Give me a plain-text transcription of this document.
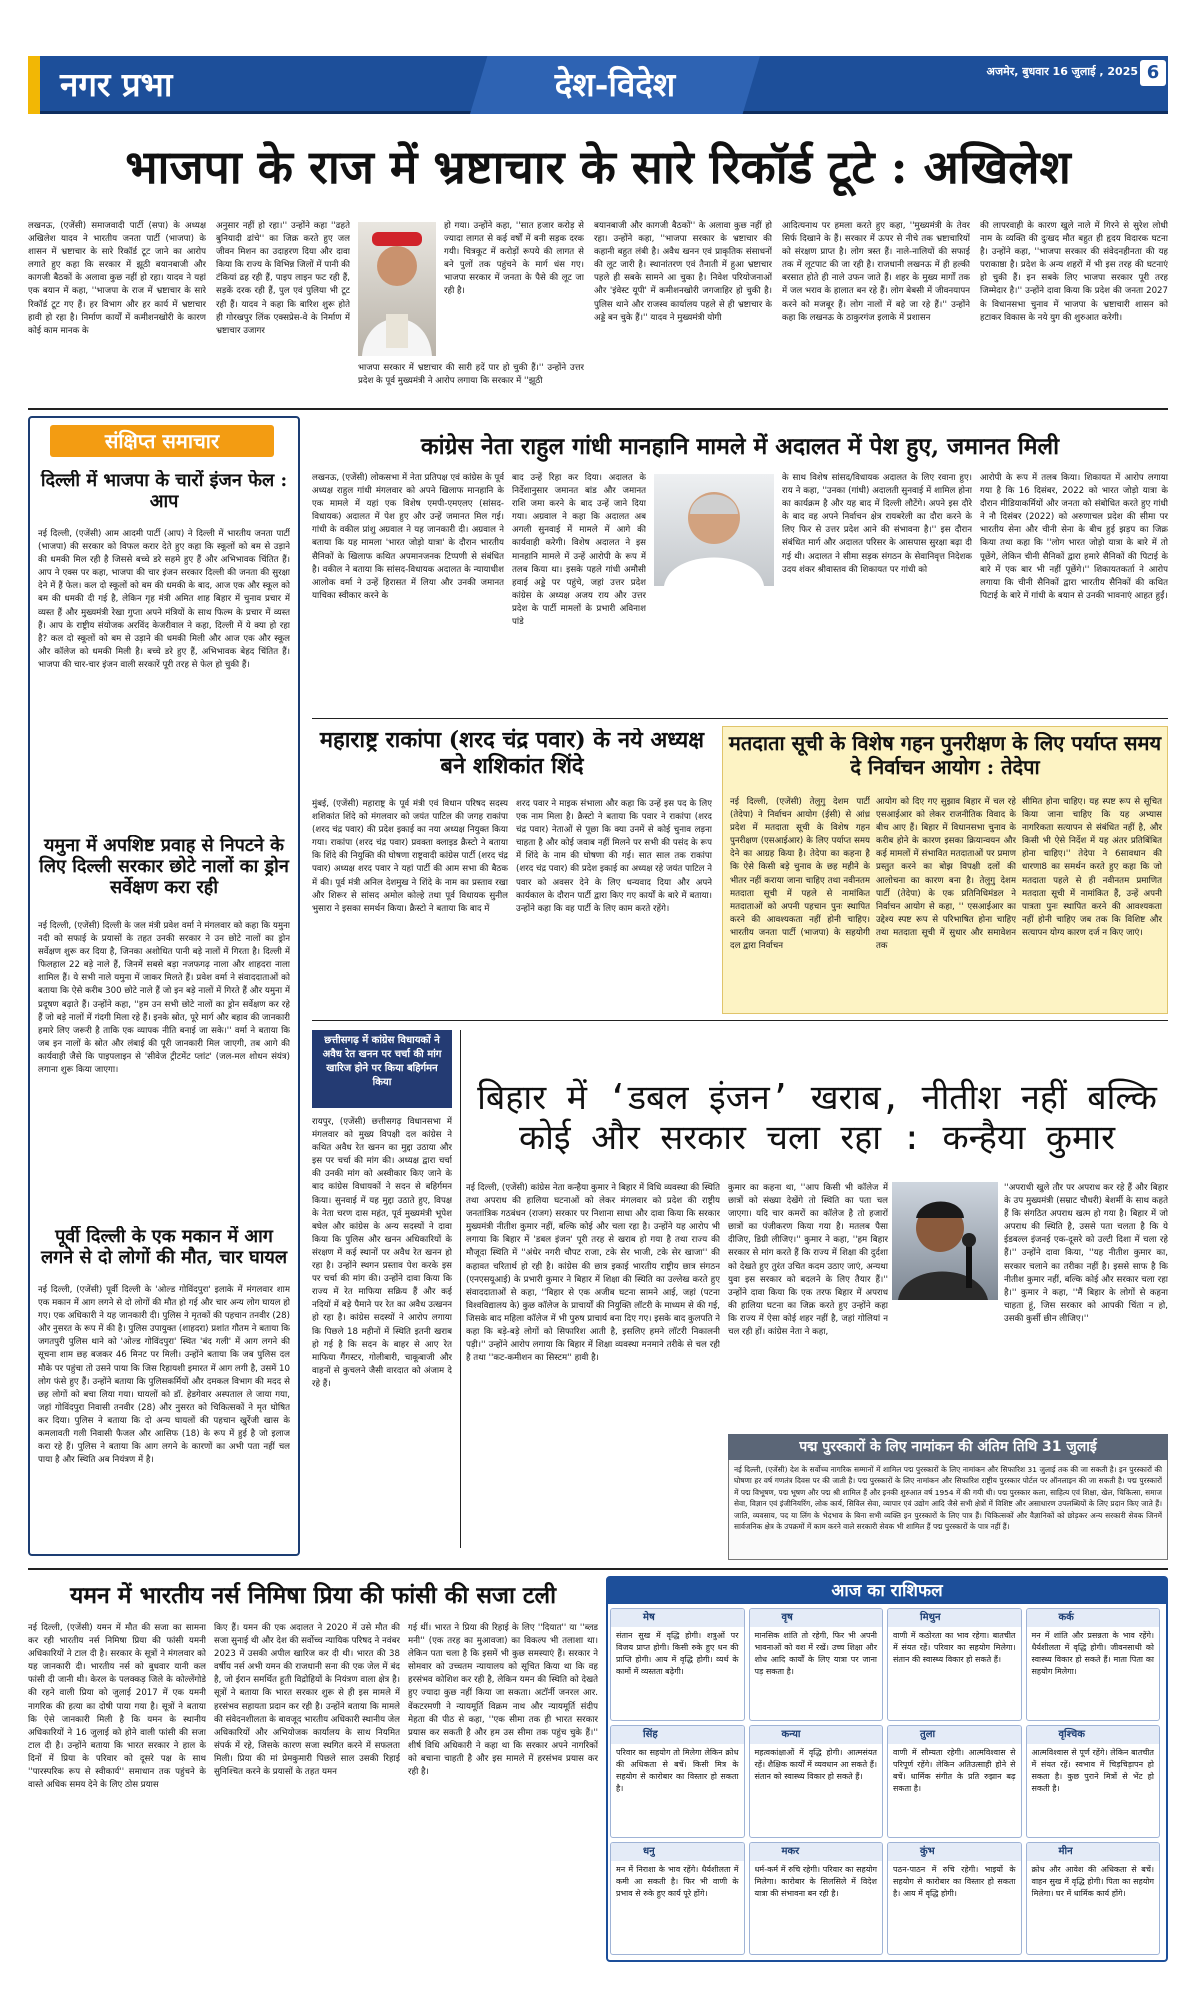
नगर प्रभा	देश-विदेश	अजमेर, बुधवार 16 जुलाई , 2025 6
भाजपा के राज में भ्रष्टाचार के सारे रिकॉर्ड टूटे : अखिलेश
लखनऊ, (एजेंसी) समाजवादी पार्टी (सपा) के अध्यक्ष अखिलेश यादव ने भारतीय जनता पार्टी (भाजपा) के शासन में भ्रष्टाचार के सारे रिकॉर्ड टूट जाने का आरोप लगाते हुए कहा कि सरकार में झूठी बयानबाजी और कागजी बैठकों के अलावा कुछ नहीं हो रहा। यादव ने यहां एक बयान में कहा, ''भाजपा के राज में भ्रष्टाचार के सारे रिकॉर्ड टूट गए हैं। हर विभाग और हर कार्य में भ्रष्टाचार हावी हो रहा है। निर्माण कार्यों में कमीशनखोरी के कारण कोई काम मानक के
अनुसार नहीं हो रहा।'' उन्होंने कहा ''ढहते बुनियादी ढांचे'' का जिक्र करते हुए जल जीवन मिशन का उदाहरण दिया और दावा किया कि राज्य के विभिन्न जिलों में पानी की टंकियां ढह रही हैं, पाइप लाइन फट रही हैं, सड़कें दरक रही हैं, पुल एवं पुलिया भी टूट रही हैं। यादव ने कहा कि बारिश शुरू होते ही गोरखपुर लिंक एक्सप्रेस-वे के निर्माण में भ्रष्टाचार उजागर
हो गया। उन्होंने कहा, ''सात हजार करोड़ से ज्यादा लागत से कई वर्षों में बनी सड़क दरक गयी। चित्रकूट में करोड़ों रूपये की लागत से बने पुलों तक पहुंचने के मार्ग धंस गए। भाजपा सरकार में जनता के पैसे की लूट जा रही है।
भाजपा सरकार में भ्रष्टाचार की सारी हदें पार हो चुकी हैं।'' उन्होंने उत्तर प्रदेश के पूर्व मुख्यमंत्री ने आरोप लगाया कि सरकार में ''झूठी
बयानबाजी और कागजी बैठकों'' के अलावा कुछ नहीं हो रहा। उन्होंने कहा, ''भाजपा सरकार के भ्रष्टाचार की कहानी बहुत लंबी है। अवैध खनन एवं प्राकृतिक संसाधनों की लूट जारी है। स्थानांतरण एवं तैनाती में हुआ भ्रष्टाचार पहले ही सबके सामने आ चुका है। निवेश परियोजनाओं और 'इंवेस्ट यूपी' में कमीशनखोरी जगजाहिर हो चुकी है। पुलिस थाने और राजस्व कार्यालय पहले से ही भ्रष्टाचार के अड्डे बन चुके हैं।'' यादव ने मुख्यमंत्री योगी
आदित्यनाथ पर हमला करते हुए कहा, ''मुख्यमंत्री के तेवर सिर्फ दिखाने के हैं। सरकार में ऊपर से नीचे तक भ्रष्टाचारियों को संरक्षण प्राप्त है। लोग त्रस्त हैं। नाले-नालियों की सफाई तक में लूटपाट की जा रही है। राजधानी लखनऊ में ही हल्की बरसात होते ही नाले उफन जाते हैं। शहर के मुख्य मार्गों तक में जल भराव के हालात बन रहे हैं। लोग बेबसी में जीवनयापन करने को मजबूर हैं। लोग नालों में बहे जा रहे हैं।'' उन्होंने कहा कि लखनऊ के ठाकुरगंज इलाके में प्रशासन
की लापरवाही के कारण खुले नाले में गिरने से सुरेश लोधी नाम के व्यक्ति की दुःखद मौत बहुत ही हृदय विदारक घटना है। उन्होंने कहा, ''भाजपा सरकार की संवेदनहीनता की यह पराकाष्ठा है। प्रदेश के अन्य शहरों में भी इस तरह की घटनाएं हो चुकी हैं। इन सबके लिए भाजपा सरकार पूरी तरह जिम्मेदार है।'' उन्होंने दावा किया कि प्रदेश की जनता 2027 के विधानसभा चुनाव में भाजपा के भ्रष्टाचारी शासन को हटाकर विकास के नये युग की शुरुआत करेगी।
संक्षिप्त समाचार
दिल्ली में भाजपा के चारों इंजन फेल : आप
नई दिल्ली, (एजेंसी) आम आदमी पार्टी (आप) ने दिल्ली में भारतीय जनता पार्टी (भाजपा) की सरकार को विफल करार देते हुए कहा कि स्कूलों को बम से उड़ाने की धमकी मिल रही है जिससे बच्चे डरे सहमे हुए हैं और अभिभावक चिंतित हैं। आप ने एक्स पर कहा, भाजपा की चार इंजन सरकार दिल्ली की जनता की सुरक्षा देने में हैं फेल। कल दो स्कूलों को बम की धमकी के बाद, आज एक और स्कूल को बम की धमकी दी गई है, लेकिन गृह मंत्री अमित शाह बिहार में चुनाव प्रचार में व्यस्त हैं और मुख्यमंत्री रेखा गुप्ता अपने मंत्रियों के साथ फिल्म के प्रचार में व्यस्त हैं। आप के राष्ट्रीय संयोजक अरविंद केजरीवाल ने कहा, दिल्ली में ये क्या हो रहा है? कल दो स्कूलों को बम से उड़ाने की धमकी मिली और आज एक और स्कूल और कॉलेज को धमकी मिली है। बच्चे डरे हुए हैं, अभिभावक बेहद चिंतित हैं। भाजपा की चार-चार इंजन वाली सरकारें पूरी तरह से फेल हो चुकी हैं।
यमुना में अपशिष्ट प्रवाह से निपटने के लिए दिल्ली सरकार छोटे नालों का ड्रोन सर्वेक्षण करा रही
नई दिल्ली, (एजेंसी) दिल्ली के जल मंत्री प्रवेश वर्मा ने मंगलवार को कहा कि यमुना नदी को सफाई के प्रयासों के तहत उनकी सरकार ने उन छोटे नालों का ड्रोन सर्वेक्षण शुरू कर दिया है, जिनका अशोधित पानी बड़े नालों में गिरता है। दिल्ली में फिलहाल 22 बड़े नाले हैं, जिनमें सबसे बड़ा नजफगढ़ नाला और शाहदरा नाला शामिल हैं। ये सभी नाले यमुना में जाकर मिलते हैं। प्रवेश वर्मा ने संवाददाताओं को बताया कि ऐसे करीब 300 छोटे नाले हैं जो इन बड़े नालों में गिरते हैं और यमुना में प्रदूषण बढ़ाते हैं। उन्होंने कहा, ''हम उन सभी छोटे नालों का ड्रोन सर्वेक्षण कर रहे हैं जो बड़े नालों में गंदगी मिला रहे हैं। इनके स्रोत, पूरे मार्ग और बहाव की जानकारी हमारे लिए जरूरी है ताकि एक व्यापक नीति बनाई जा सके।'' वर्मा ने बताया कि जब इन नालों के स्रोत और लंबाई की पूरी जानकारी मिल जाएगी, तब आगे की कार्यवाही जैसे कि पाइपलाइन से 'सीवेज ट्रीटमेंट प्लांट' (जल-मल शोधन संयंत्र) लगाना शुरू किया जाएगा।
पूर्वी दिल्ली के एक मकान में आग लगने से दो लोगों की मौत, चार घायल
नई दिल्ली, (एजेंसी) पूर्वी दिल्ली के 'ओल्ड गोविंदपुरा' इलाके में मंगलवार शाम एक मकान में आग लगने से दो लोगों की मौत हो गई और चार अन्य लोग घायल हो गए। एक अधिकारी ने यह जानकारी दी। पुलिस ने मृतकों की पहचान तनवीर (28) और नुसरत के रूप में की है। पुलिस उपायुक्त (शाहदरा) प्रशांत गौतम ने बताया कि जगतपुरी पुलिस थाने को 'ओल्ड गोविंदपुरा' स्थित 'बंद गली' में आग लगने की सूचना शाम छह बजकर 46 मिनट पर मिली। उन्होंने बताया कि जब पुलिस दल मौके पर पहुंचा तो उसने पाया कि जिस रिहायशी इमारत में आग लगी है, उसमें 10 लोग फंसे हुए हैं। उन्होंने बताया कि पुलिसकर्मियों और दमकल विभाग की मदद से छह लोगों को बचा लिया गया। घायलों को डॉ. हेडगेवार अस्पताल ले जाया गया, जहां गोविंदपुरा निवासी तनवीर (28) और नुसरत को चिकित्सकों ने मृत घोषित कर दिया। पुलिस ने बताया कि दो अन्य घायलों की पहचान खुर्रेजी खास के कमलावती गली निवासी फैजल और आसिफ (18) के रूप में हुई है जो इलाज करा रहे हैं। पुलिस ने बताया कि आग लगने के कारणों का अभी पता नहीं चल पाया है और स्थिति अब नियंत्रण में है।
कांग्रेस नेता राहुल गांधी मानहानि मामले में अदालत में पेश हुए, जमानत मिली
लखनऊ, (एजेंसी) लोकसभा में नेता प्रतिपक्ष एवं कांग्रेस के पूर्व अध्यक्ष राहुल गांधी मंगलवार को अपने खिलाफ मानहानि के एक मामले में यहां एक विशेष एमपी-एमएलए (सांसद-विधायक) अदालत में पेश हुए और उन्हें जमानत मिल गई। गांधी के वकील प्रांशु अग्रवाल ने यह जानकारी दी। अग्रवाल ने बताया कि यह मामला 'भारत जोड़ो यात्रा' के दौरान भारतीय सैनिकों के खिलाफ कथित अपमानजनक टिप्पणी से संबंधित है। वकील ने बताया कि सांसद-विधायक अदालत के न्यायाधीश आलोक वर्मा ने उन्हें हिरासत में लिया और उनकी जमानत याचिका स्वीकार करने के
बाद उन्हें रिहा कर दिया। अदालत के निर्देशानुसार जमानत बांड और जमानत राशि जमा करने के बाद उन्हें जाने दिया गया। अग्रवाल ने कहा कि अदालत अब अगली सुनवाई में मामले में आगे की कार्यवाही करेगी। विशेष अदालत ने इस मानहानि मामले में उन्हें आरोपी के रूप में तलब किया था। इसके पहले गांधी अमौसी हवाई अड्डे पर पहुंचे, जहां उत्तर प्रदेश कांग्रेस के अध्यक्ष अजय राय और उत्तर प्रदेश के पार्टी मामलों के प्रभारी अविनाश पांडे
के साथ विशेष सांसद/विधायक अदालत के लिए रवाना हुए। राय ने कहा, ''उनका (गांधी) अदालती सुनवाई में शामिल होना का कार्यक्रम है और यह बाद में दिल्ली लौटेंगे। अपने इस दौरे के बाद वह अपने निर्वाचन क्षेत्र रायबरेली का दौरा करने के लिए फिर से उत्तर प्रदेश आने की संभावना है।'' इस दौरान संबंधित मार्ग और अदालत परिसर के आसपास सुरक्षा बढ़ा दी गई थी। अदालत ने सीमा सड़क संगठन के सेवानिवृत्त निदेशक उदय शंकर श्रीवास्तव की शिकायत पर गांधी को
आरोपी के रूप में तलब किया। शिकायत में आरोप लगाया गया है कि 16 दिसंबर, 2022 को भारत जोड़ो यात्रा के दौरान मीडियाकर्मियों और जनता को संबोधित करते हुए गांधी ने नौ दिसंबर (2022) को अरुणाचल प्रदेश की सीमा पर भारतीय सेना और चीनी सेना के बीच हुई झड़प का जिक्र किया तथा कहा कि ''लोग भारत जोड़ो यात्रा के बारे में तो पूछेंगे, लेकिन चीनी सैनिकों द्वारा हमारे सैनिकों की पिटाई के बारे में एक बार भी नहीं पूछेंगे।'' शिकायतकर्ता ने आरोप लगाया कि चीनी सैनिकों द्वारा भारतीय सैनिकों की कथित पिटाई के बारे में गांधी के बयान से उनकी भावनाएं आहत हुईं।
महाराष्ट्र राकांपा (शरद चंद्र पवार) के नये अध्यक्ष बने शशिकांत शिंदे
मुंबई, (एजेंसी) महाराष्ट्र के पूर्व मंत्री एवं विधान परिषद सदस्य शशिकांत शिंदे को मंगलवार को जयंत पाटिल की जगह राकांपा (शरद चंद्र पवार) की प्रदेश इकाई का नया अध्यक्ष नियुक्त किया गया। राकांपा (शरद चंद्र पवार) प्रवक्ता क्लाइड क्रैस्टो ने बताया कि शिंदे की नियुक्ति की घोषणा राष्ट्रवादी कांग्रेस पार्टी (शरद चंद्र पवार) अध्यक्ष शरद पवार ने यहां पार्टी की आम सभा की बैठक में की। पूर्व मंत्री अनिल देशमुख ने शिंदे के नाम का प्रस्ताव रखा और शिरूर से सांसद अमोल कोल्हे तथा पूर्व विधायक सुनील भुसारा ने इसका समर्थन किया। क्रैस्टो ने बताया कि बाद में
शरद पवार ने माइक संभाला और कहा कि उन्हें इस पद के लिए एक नाम मिला है। क्रैस्टो ने बताया कि पवार ने राकांपा (शरद चंद्र पवार) नेताओं से पूछा कि क्या उनमें से कोई चुनाव लड़ना चाहता है और कोई जवाब नहीं मिलने पर सभी की पसंद के रूप में शिंदे के नाम की घोषणा की गई। सात साल तक राकांपा (शरद चंद्र पवार) की प्रदेश इकाई का अध्यक्ष रहे जयंत पाटिल ने पवार को अवसर देने के लिए धन्यवाद दिया और अपने कार्यकाल के दौरान पार्टी द्वारा किए गए कार्यों के बारे में बताया। उन्होंने कहा कि वह पार्टी के लिए काम करते रहेंगे।
मतदाता सूची के विशेष गहन पुनरीक्षण के लिए पर्याप्त समय दे निर्वाचन आयोग : तेदेपा
नई दिल्ली, (एजेंसी) तेलुगु देशम पार्टी (तेदेपा) ने निर्वाचन आयोग (ईसी) से आंध्र प्रदेश में मतदाता सूची के विशेष गहन पुनरीक्षण (एसआईआर) के लिए पर्याप्त समय देने का आग्रह किया है। तेदेपा का कहना है कि ऐसे किसी बड़े चुनाव के छह महीने के भीतर नहीं कराया जाना चाहिए तथा नवीनतम मतदाता सूची में पहले से नामांकित मतदाताओं को अपनी पहचान पुनः स्थापित करने की आवश्यकता नहीं होनी चाहिए। भारतीय जनता पार्टी (भाजपा) के सहयोगी दल द्वारा निर्वाचन
आयोग को दिए गए सुझाव बिहार में चल रहे एसआईआर को लेकर राजनीतिक विवाद के बीच आए हैं। बिहार में विधानसभा चुनाव के करीब होने के कारण इसका क्रियान्वयन और कई मामलों में संभावित मतदाताओं पर प्रमाण प्रस्तुत करने का बोझ विपक्षी दलों की आलोचना का कारण बना है। तेलुगु देशम पार्टी (तेदेपा) के एक प्रतिनिधिमंडल ने निर्वाचन आयोग से कहा, '' एसआईआर का उद्देश्य स्पष्ट रूप से परिभाषित होना चाहिए तथा मतदाता सूची में सुधार और समावेशन तक
सीमित होना चाहिए। यह स्पष्ट रूप से सूचित किया जाना चाहिए कि यह अभ्यास नागरिकता सत्यापन से संबंधित नहीं है, और किसी भी ऐसे निर्देश में यह अंतर प्रतिबिंबित होना चाहिए।'' तेदेपा ने 6सावधान की धारणा8 का समर्थन करते हुए कहा कि जो मतदाता पहले से ही नवीनतम प्रमाणित मतदाता सूची में नामांकित हैं, उन्हें अपनी पात्रता पुनः स्थापित करने की आवश्यकता नहीं होनी चाहिए जब तक कि विशिष्ट और सत्यापन योग्य कारण दर्ज न किए जाएं।
छत्तीसगढ़ में कांग्रेस विधायकों ने अवैध रेत खनन पर चर्चा की मांग खारिज होने पर किया बहिर्गमन किया
रायपुर, (एजेंसी) छत्तीसगढ़ विधानसभा में मंगलवार को मुख्य विपक्षी दल कांग्रेस ने कथित अवैध रेत खनन का मुद्दा उठाया और इस पर चर्चा की मांग की। अध्यक्ष द्वारा चर्चा की उनकी मांग को अस्वीकार किए जाने के बाद कांग्रेस विधायकों ने सदन से बहिर्गमन किया। सुनवाई में यह मुद्दा उठाते हुए, विपक्ष के नेता चरण दास महंत, पूर्व मुख्यमंत्री भूपेश बघेल और कांग्रेस के अन्य सदस्यों ने दावा किया कि पुलिस और खनन अधिकारियों के संरक्षण में कई स्थानों पर अवैध रेत खनन हो रहा है। उन्होंने स्थगन प्रस्ताव पेश करके इस पर चर्चा की मांग की। उन्होंने दावा किया कि राज्य में रेत माफिया सक्रिय हैं और कई नदियों में बड़े पैमाने पर रेत का अवैध उत्खनन हो रहा है। कांग्रेस सदस्यों ने आरोप लगाया कि पिछले 18 महीनों में स्थिति इतनी खराब हो गई है कि सदन के बाहर से आए रेत माफिया गैंगस्टर, गोलीबारी, चाकूबाजी और वाहनों से कुचलने जैसी वारदात को अंजाम दे रहे हैं।
बिहार में ‘डबल इंजन’ खराब, नीतीश नहीं बल्कि कोई और सरकार चला रहा : कन्हैया कुमार
नई दिल्ली, (एजेंसी) कांग्रेस नेता कन्हैया कुमार ने बिहार में विधि व्यवस्था की स्थिति तथा अपराध की हालिया घटनाओं को लेकर मंगलवार को प्रदेश की राष्ट्रीय जनतांत्रिक गठबंधन (राजग) सरकार पर निशाना साधा और दावा किया कि सरकार मुख्यमंत्री नीतीश कुमार नहीं, बल्कि कोई और चला रहा है। उन्होंने यह आरोप भी लगाया कि बिहार में 'डबल इंजन' पूरी तरह से खराब हो गया है तथा राज्य की मौजूदा स्थिति में ''अंधेर नगरी चौपट राजा, टके सेर भाजी, टके सेर खाजा'' की कहावत चरितार्थ हो रही है। कांग्रेस की छात्र इकाई भारतीय राष्ट्रीय छात्र संगठन (एनएसयूआई) के प्रभारी कुमार ने बिहार में शिक्षा की स्थिति का उल्लेख करते हुए संवाददाताओं से कहा, ''बिहार से एक अजीब घटना सामने आई, जहां (पटना विश्वविद्यालय के) कुछ कॉलेज के प्राचार्यों की नियुक्ति लॉटरी के माध्यम से की गई, जिसके बाद महिला कॉलेज में भी पुरुष प्राचार्य बना दिए गए। इसके बाद कुलपति ने कहा कि बड़े-बड़े लोगों को सिफारिश आती है, इसलिए हमने लॉटरी निकालनी पड़ी।'' उन्होंने आरोप लगाया कि बिहार में शिक्षा व्यवस्था मनमाने तरीके से चल रही है तथा ''कट-कमीशन का सिस्टम'' हावी है।
कुमार का कहना था, ''आप किसी भी कॉलेज में छात्रों को संख्या देखेंगे तो स्थिति का पता चल जाएगा। यदि चार कमरों का कॉलेज है तो हजारों छात्रों का पंजीकरण किया गया है। मतलब पैसा दीजिए, डिग्री लीजिए।'' कुमार ने कहा, ''हम बिहार सरकार से मांग करते हैं कि राज्य में शिक्षा की दुर्दशा को देखते हुए तुरंत उचित कदम उठाए जाएं, अन्यथा युवा इस सरकार को बदलने के लिए तैयार हैं।'' उन्होंने दावा किया कि एक तरफ बिहार में अपराध की हालिया घटना का जिक्र करते हुए उन्होंने कहा कि राज्य में ऐसा कोई शहर नहीं है, जहां गोलियां न चल रही हों। कांग्रेस नेता ने कहा,
''अपराधी खुले तौर पर अपराध कर रहे हैं और बिहार के उप मुख्यमंत्री (सम्राट चौधरी) बेशर्मी के साथ कहते हैं कि संगठित अपराध खत्म हो गया है। बिहार में जो अपराध की स्थिति है, उससे पता चलता है कि ये ईडबल्ल इंजनई एक-दूसरे को उल्टी दिशा में चला रहे हैं।'' उन्होंने दावा किया, ''यह नीतीश कुमार का, सरकार चलाने का तरीका नहीं है। इससे साफ है कि नीतीश कुमार नहीं, बल्कि कोई और सरकार चला रहा है।'' कुमार ने कहा, ''मैं बिहार के लोगों से कहना चाहता हूं, जिस सरकार को आपकी चिंता न हो, उसकी कुर्सी छीन लीजिए।''
पद्म पुरस्कारों के लिए नामांकन की अंतिम तिथि 31 जुलाई
नई दिल्ली, (एजेंसी) देश के सर्वोच्च नागरिक सम्मानों में शामिल पद्म पुरस्कारों के लिए नामांकन और सिफारिश 31 जुलाई तक की जा सकती है। इन पुरस्कारों की घोषणा हर वर्ष गणतंत्र दिवस पर की जाती है। पद्म पुरस्कारों के लिए नामांकन और सिफारिश राष्ट्रीय पुरस्कार पोर्टल पर ऑनलाइन की जा सकती है। पद्म पुरस्कारों में पद्म विभूषण, पद्म भूषण और पद्म श्री शामिल हैं और इनकी शुरुआत वर्ष 1954 में की गयी थी। पद्म पुरस्कार कला, साहित्य एवं शिक्षा, खेल, चिकित्सा, समाज सेवा, विज्ञान एवं इंजीनियरिंग, लोक कार्य, सिविल सेवा, व्यापार एवं उद्योग आदि जैसे सभी क्षेत्रों में विशिष्ट और असाधारण उपलब्धियों के लिए प्रदान किए जाते हैं। जाति, व्यवसाय, पद या लिंग के भेदभाव के बिना सभी व्यक्ति इन पुरस्कारों के लिए पात्र हैं। चिकित्सकों और वैज्ञानिकों को छोड़कर अन्य सरकारी सेवक जिनमें सार्वजनिक क्षेत्र के उपक्रमों में काम करने वाले सरकारी सेवक भी शामिल हैं पद्म पुरस्कारों के पात्र नहीं हैं।
यमन में भारतीय नर्स निमिषा प्रिया की फांसी की सजा टली
नई दिल्ली, (एजेंसी) यमन में मौत की सजा का सामना कर रही भारतीय नर्स निमिषा प्रिया की फांसी यमनी अधिकारियों ने टाल दी है। सरकार के सूत्रों ने मंगलवार को यह जानकारी दी। भारतीय नर्स को बुधवार यानी कल फांसी दी जानी थी। केरल के पलक्कड़ जिले के कोल्लेंगोडे की रहने वाली प्रिया को जुलाई 2017 में एक यमनी नागरिक की हत्या का दोषी पाया गया है। सूत्रों ने बताया कि ऐसे जानकारी मिली है कि यमन के स्थानीय अधिकारियों ने 16 जुलाई को होने वाली फांसी की सजा टाल दी है। उन्होंने बताया कि भारत सरकार ने हाल के दिनों में प्रिया के परिवार को दूसरे पक्ष के साथ ''पारस्परिक रूप से स्वीकार्य'' समाधान तक पहुंचने के वास्ते अधिक समय देने के लिए ठोस प्रयास
किए हैं। यमन की एक अदालत ने 2020 में उसे मौत की सजा सुनाई थी और देश की सर्वोच्च न्यायिक परिषद ने नवंबर 2023 में उसकी अपील खारिज कर दी थी। भारत की 38 वर्षीय नर्स अभी यमन की राजधानी सना की एक जेल में बंद है, जो ईरान समर्थित हूती विद्रोहियों के नियंत्रण वाला क्षेत्र है। सूत्रों ने बताया कि भारत सरकार शुरू से ही इस मामले में हरसंभव सहायता प्रदान कर रही है। उन्होंने बताया कि मामले की संवेदनशीलता के बावजूद भारतीय अधिकारी स्थानीय जेल अधिकारियों और अभियोजक कार्यालय के साथ नियमित संपर्क में रहे, जिसके कारण सजा स्थगित करने में सफलता मिली। प्रिया की मां प्रेमकुमारी पिछले साल उसकी रिहाई सुनिश्चित करने के प्रयासों के तहत यमन
गई थीं। भारत ने प्रिया की रिहाई के लिए ''दियात'' या ''ब्लड मनी'' (एक तरह का मुआवजा) का विकल्प भी तलाशा था। लेकिन पता चला है कि इसमें भी कुछ समस्याएं हैं। सरकार ने सोमवार को उच्चतम न्यायालय को सूचित किया था कि वह हरसंभव कोशिश कर रही है, लेकिन यमन की स्थिति को देखते हुए ज्यादा कुछ नहीं किया जा सकता। अटॉर्नी जनरल आर. वेंकटरमणी ने न्यायमूर्ति विक्रम नाथ और न्यायमूर्ति संदीप मेहता की पीठ से कहा, ''एक सीमा तक ही भारत सरकार प्रयास कर सकती है और हम उस सीमा तक पहुंच चुके हैं।'' शीर्ष विधि अधिकारी ने कहा था कि सरकार अपने नागरिकों को बचाना चाहती है और इस मामले में हरसंभव प्रयास कर रही है।
आज का राशिफल
मेष
संतान सुख में वृद्धि होगी। शत्रुओं पर विजय प्राप्त होगी। किसी रुके हुए धन की प्राप्ति होगी। आय में वृद्धि होगी। व्यर्थ के कामों में व्यस्तता बढ़ेगी।
वृष
मानसिक शांति तो रहेगी, फिर भी अपनी भावनाओं को वश में रखें। उच्च शिक्षा और शोध आदि कार्यों के लिए यात्रा पर जाना पड़ सकता है।
मिथुन
वाणी में कठोरता का भाव रहेगा। बातचीत में संयत रहें। परिवार का सहयोग मिलेगा। संतान की स्वास्थ्य विकार हो सकते हैं।
कर्क
मन में शांति और प्रसन्नता के भाव रहेंगे। धैर्यशीलता में वृद्धि होगी। जीवनसाथी को स्वास्थ्य विकार हो सकते हैं। माता पिता का सहयोग मिलेगा।
सिंह
परिवार का सहयोग तो मिलेगा लेकिन क्रोध की अधिकता से बचें। किसी मित्र के सहयोग से कारोबार का विस्तार हो सकता है।
कन्या
महत्वकांक्षाओं में वृद्धि होगी। आत्मसंयत रहें। शैक्षिक कार्यों में व्यवधान आ सकते हैं। संतान को स्वास्थ्य विकार हो सकते हैं।
तुला
वाणी में सौम्यता रहेगी। आत्मविश्वास से परिपूर्ण रहेंगे। लेकिन अतिउत्साही होने से बचें। धार्मिक संगीत के प्रति रुझान बढ़ सकता है।
वृश्चिक
आत्मविश्वास से पूर्ण रहेंगे। लेकिन बातचीत में संयत रहें। स्वभाव में चिड़चिड़ापन हो सकता है। कुछ पुराने मित्रों से भेंट हो सकती है।
धनु
मन में निराशा के भाव रहेंगे। धैर्यशीलता में कमी आ सकती है। फिर भी वाणी के प्रभाव से रुके हुए कार्य पूरे होंगे।
मकर
धर्म-कर्म में रुचि रहेगी। परिवार का सहयोग मिलेगा। कारोबार के सिलसिले में विदेश यात्रा की संभावना बन रही है।
कुंभ
पठन-पाठन में रुचि रहेगी। भाइयों के सहयोग से कारोबार का विस्तार हो सकता है। आय में वृद्धि होगी।
मीन
क्रोध और आवेश की अधिकता से बचें। वाहन सुख में वृद्धि होगी। पिता का सहयोग मिलेगा। घर में धार्मिक कार्य होंगे।
